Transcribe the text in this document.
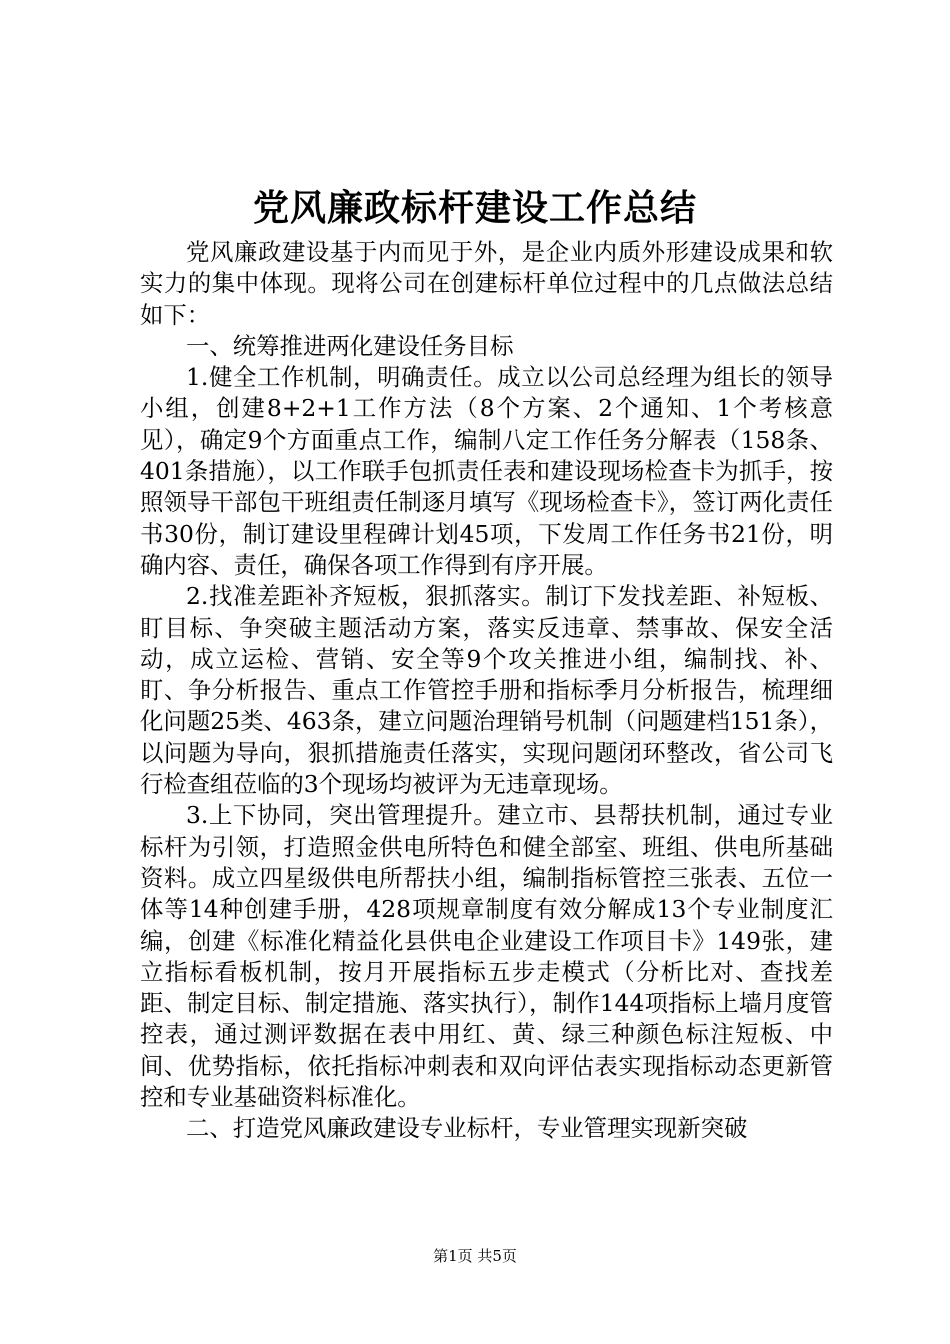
党风廉政标杆建设工作总结

党风廉政建设基于内而见于外，是企业内质外形建设成果和软实力的集中体现。现将公司在创建标杆单位过程中的几点做法总结如下：

一、统筹推进两化建设任务目标

1.健全工作机制，明确责任。成立以公司总经理为组长的领导小组，创建8+2+1工作方法（8个方案、2个通知、1个考核意见），确定9个方面重点工作，编制八定工作任务分解表（158条、401条措施），以工作联手包抓责任表和建设现场检查卡为抓手，按照领导干部包干班组责任制逐月填写《现场检查卡》，签订两化责任书30份，制订建设里程碑计划45项，下发周工作任务书21份，明确内容、责任，确保各项工作得到有序开展。

2.找准差距补齐短板，狠抓落实。制订下发找差距、补短板、盯目标、争突破主题活动方案，落实反违章、禁事故、保安全活动，成立运检、营销、安全等9个攻关推进小组，编制找、补、盯、争分析报告、重点工作管控手册和指标季月分析报告，梳理细化问题25类、463条，建立问题治理销号机制（问题建档151条），以问题为导向，狠抓措施责任落实，实现问题闭环整改，省公司飞行检查组莅临的3个现场均被评为无违章现场。

3.上下协同，突出管理提升。建立市、县帮扶机制，通过专业标杆为引领，打造照金供电所特色和健全部室、班组、供电所基础资料。成立四星级供电所帮扶小组，编制指标管控三张表、五位一体等14种创建手册，428项规章制度有效分解成13个专业制度汇编，创建《标准化精益化县供电企业建设工作项目卡》149张，建立指标看板机制，按月开展指标五步走模式（分析比对、查找差距、制定目标、制定措施、落实执行），制作144项指标上墙月度管控表，通过测评数据在表中用红、黄、绿三种颜色标注短板、中间、优势指标，依托指标冲刺表和双向评估表实现指标动态更新管控和专业基础资料标准化。

二、打造党风廉政建设专业标杆，专业管理实现新突破

第1页 共5页
